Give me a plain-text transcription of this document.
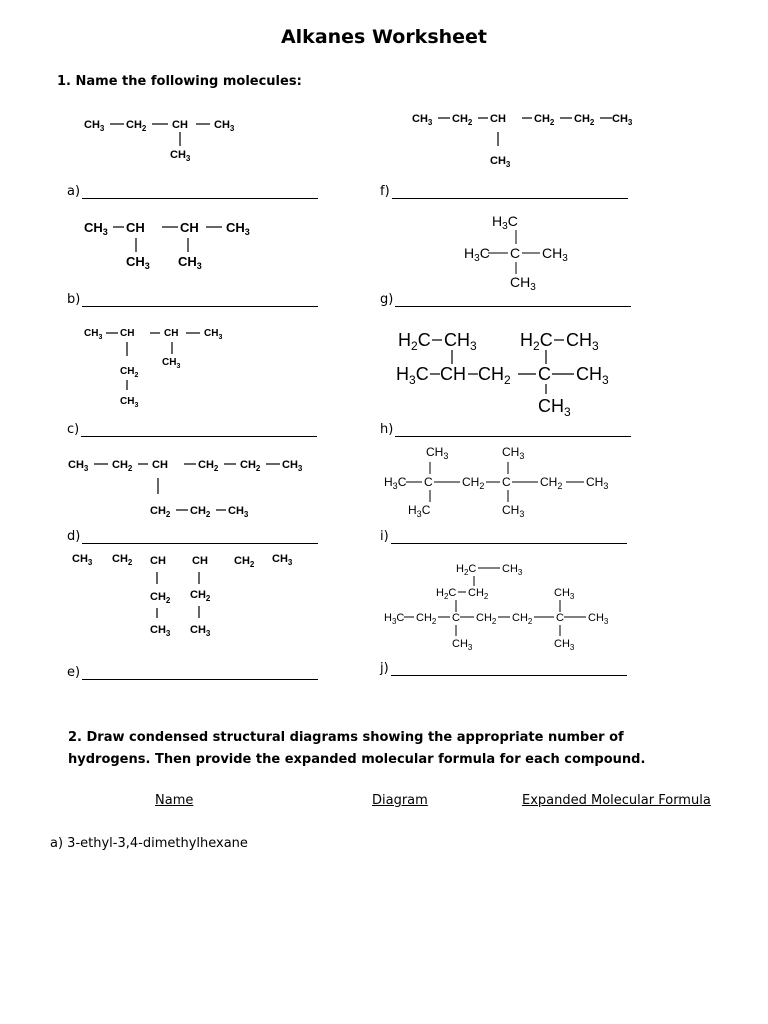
Alkanes Worksheet
1. Name the following molecules:
a)
b)
c)
d)
e)
f)
g)
h)
i)
j)
$CH_3$ $CH_2$ CH $CH_3$
$CH_3$
$CH_3$ CH	CH $CH_3$
$CH_3$ $CH_3$
$CH_3$ CH	CH	$CH_3$
$CH_2$
$CH_3$
$CH_3$
$CH_3$ $CH_2$ CH	$CH_2$ $CH_2$ $CH_3$
$CH_2$ $CH_2$ $CH_3$
$CH_3$ $CH_2$ CH CH $CH_2$ $CH_3$
$CH_2$
$CH_3$
$CH_2$
$CH_3$
$CH_3$ $CH_2$ CH	$CH_2$ $CH_2$ $CH_3$
$CH_3$
$H_3C$
$H_3C$ C $CH_3$
$CH_3$
$H_2C$ $CH_3$ $H_2C$ $CH_3$
$H_3C$ CH $CH_2$ C $CH_3$
$CH_3$
$CH_3$	$CH_3$
$H_3C$ C $CH_2$ C $CH_2$ $CH_3$
$H_3C$	$CH_3$
$H_2C$ $CH_3$
$H_2C$ $CH_2$	$CH_3$
$H_3C$ $CH_2$ C $CH_2$ $CH_2$ C $CH_3$
$CH_3$	$CH_3$
2. Draw condensed structural diagrams showing the appropriate number of
hydrogens. Then provide the expanded molecular formula for each compound.
Name	Diagram	Expanded Molecular Formula
a) 3-ethyl-3,4-dimethylhexane
